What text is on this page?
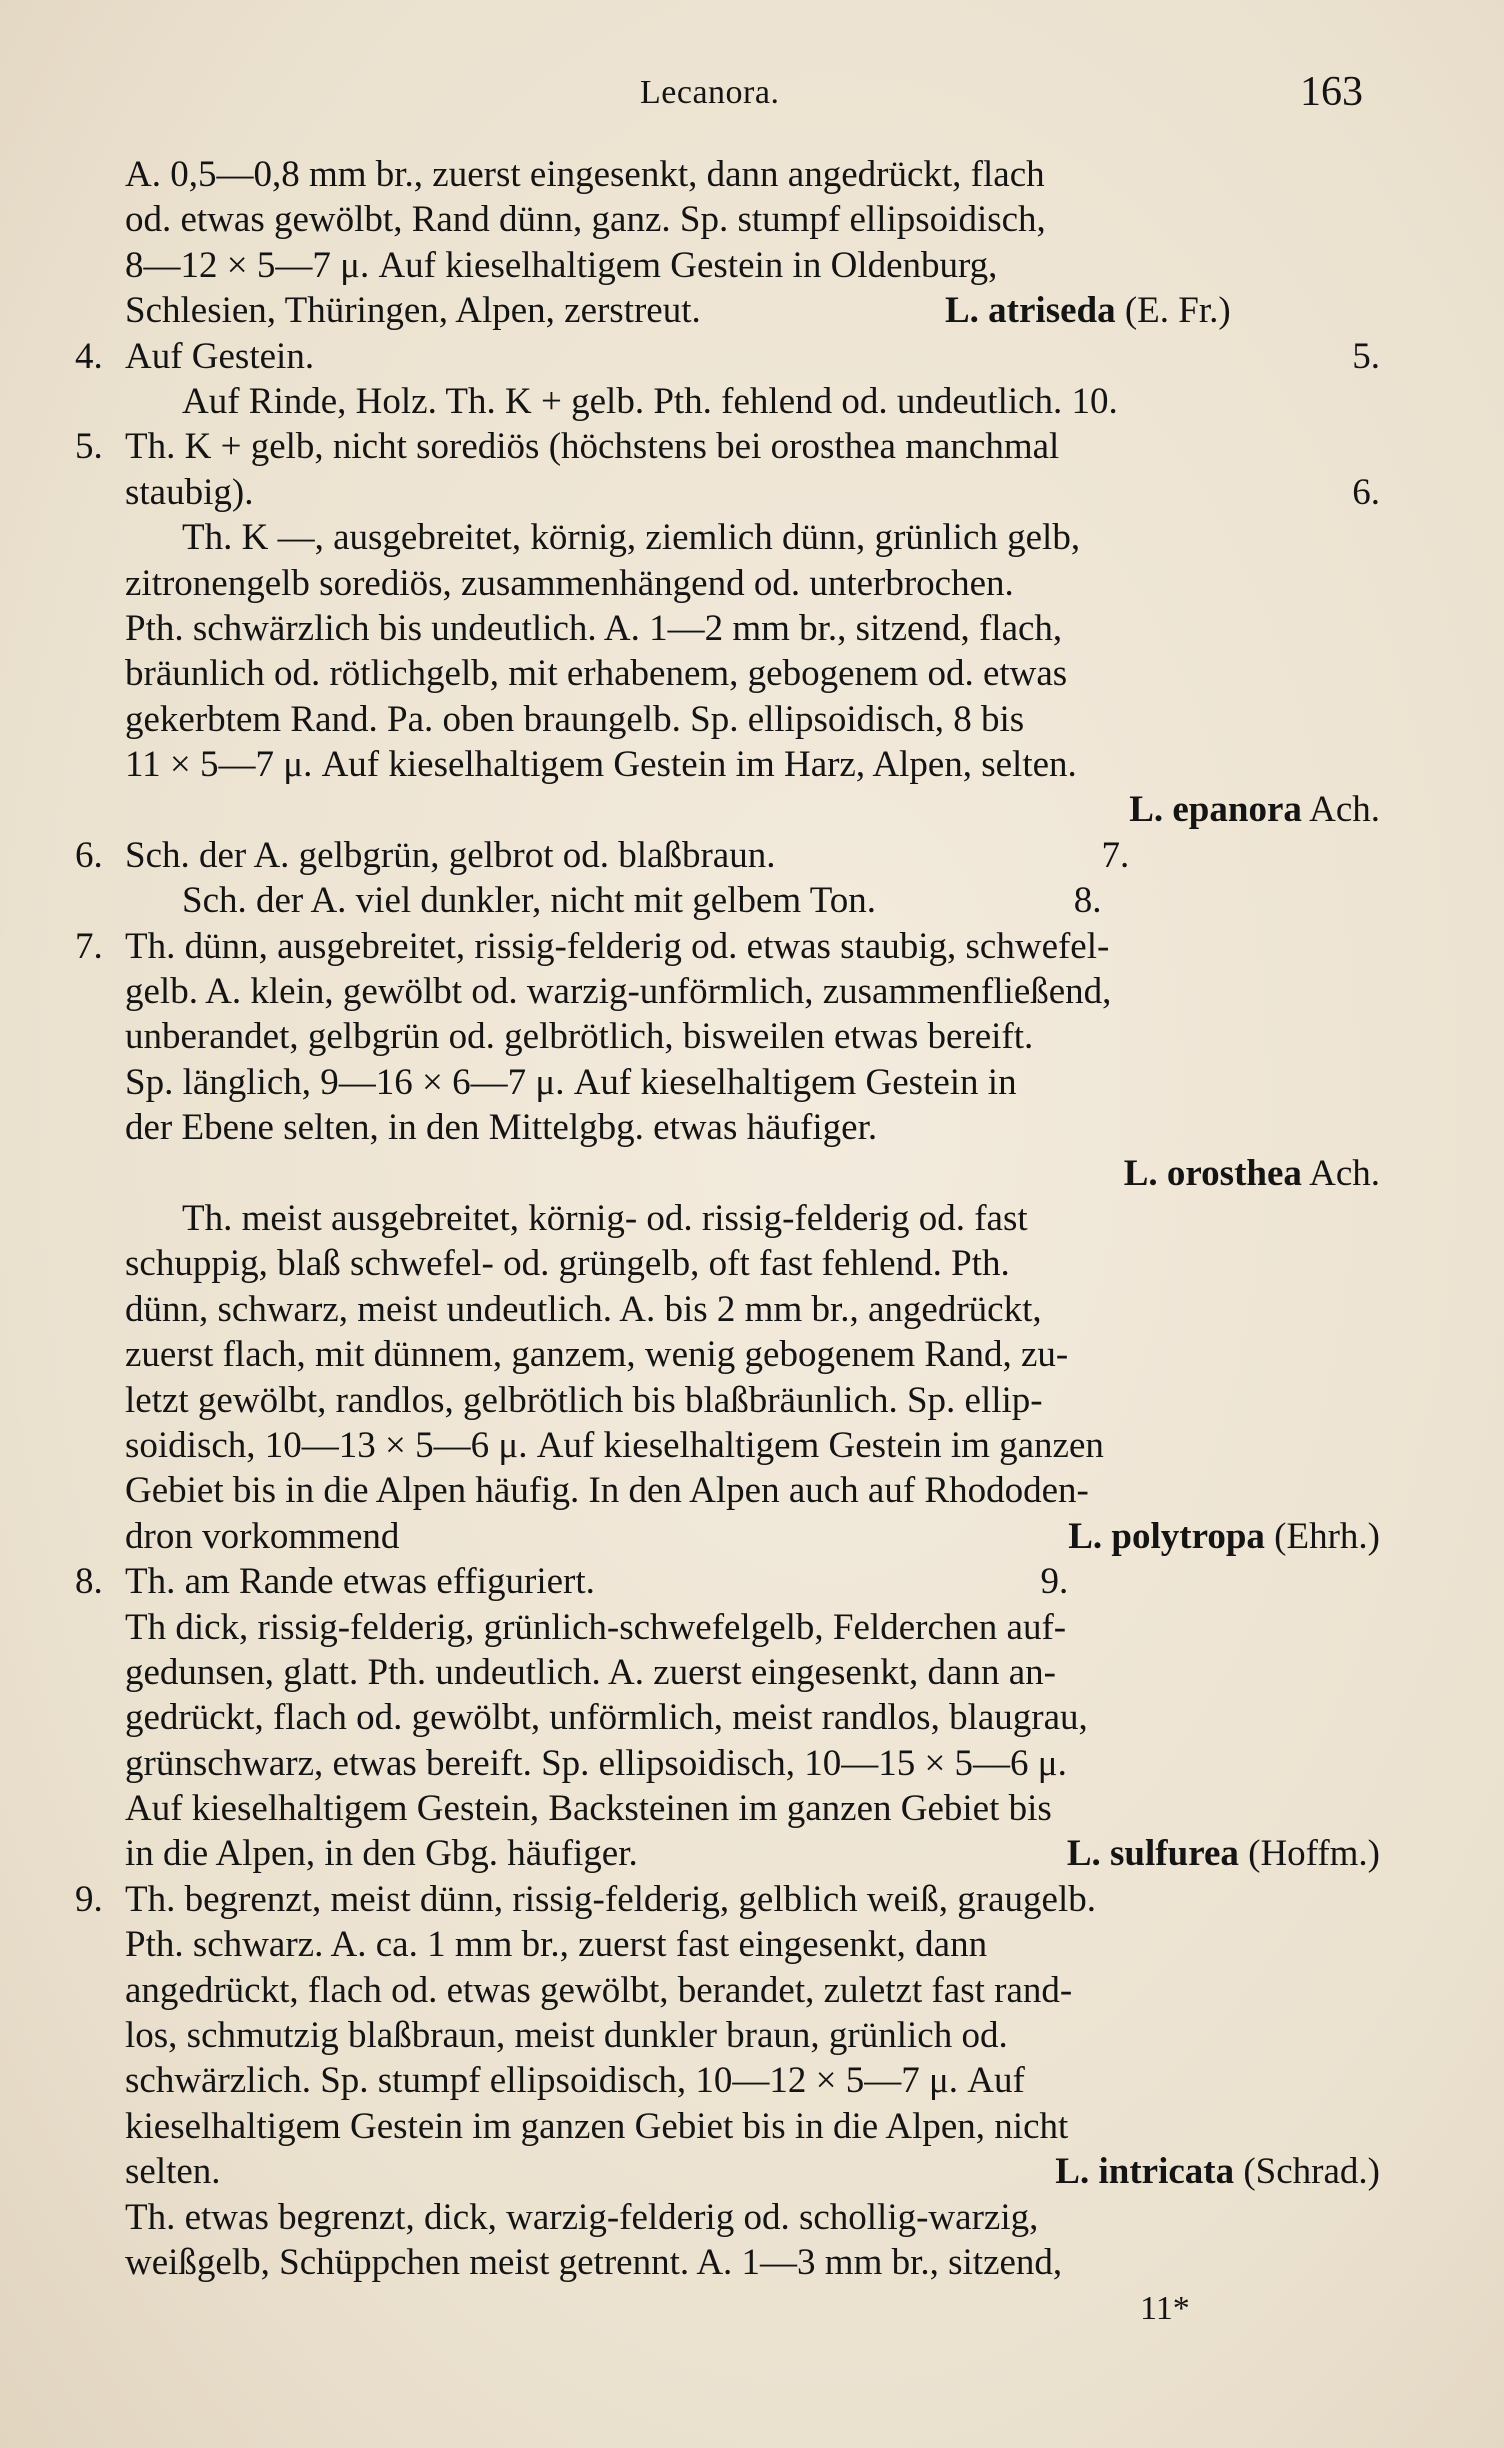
Lecanora.	163
A. 0,5—0,8 mm br., zuerst eingesenkt, dann angedrückt, flach
od. etwas gewölbt, Rand dünn, ganz. Sp. stumpf ellipsoidisch,
8—12 × 5—7 μ. Auf kieselhaltigem Gestein in Oldenburg,
Schlesien, Thüringen, Alpen, zerstreut.	L. atriseda (E. Fr.)
4. Auf Gestein.	5.
Auf Rinde, Holz. Th. K + gelb. Pth. fehlend od. undeutlich. 10.
5. Th. K + gelb, nicht sorediös (höchstens bei orosthea manchmal
staubig).	6.
Th. K —, ausgebreitet, körnig, ziemlich dünn, grünlich gelb,
zitronengelb sorediös, zusammenhängend od. unterbrochen.
Pth. schwärzlich bis undeutlich. A. 1—2 mm br., sitzend, flach,
bräunlich od. rötlichgelb, mit erhabenem, gebogenem od. etwas
gekerbtem Rand. Pa. oben braungelb. Sp. ellipsoidisch, 8 bis
11 × 5—7 μ. Auf kieselhaltigem Gestein im Harz, Alpen, selten.
L. epanora Ach.
6. Sch. der A. gelbgrün, gelbrot od. blaßbraun.	7.
Sch. der A. viel dunkler, nicht mit gelbem Ton.	8.
7. Th. dünn, ausgebreitet, rissig-felderig od. etwas staubig, schwefel-
gelb. A. klein, gewölbt od. warzig-unförmlich, zusammenfließend,
unberandet, gelbgrün od. gelbrötlich, bisweilen etwas bereift.
Sp. länglich, 9—16 × 6—7 μ. Auf kieselhaltigem Gestein in
der Ebene selten, in den Mittelgbg. etwas häufiger.
L. orosthea Ach.
Th. meist ausgebreitet, körnig- od. rissig-felderig od. fast
schuppig, blaß schwefel- od. grüngelb, oft fast fehlend. Pth.
dünn, schwarz, meist undeutlich. A. bis 2 mm br., angedrückt,
zuerst flach, mit dünnem, ganzem, wenig gebogenem Rand, zu-
letzt gewölbt, randlos, gelbrötlich bis blaßbräunlich. Sp. ellip-
soidisch, 10—13 × 5—6 μ. Auf kieselhaltigem Gestein im ganzen
Gebiet bis in die Alpen häufig. In den Alpen auch auf Rhododen-
dron vorkommend	L. polytropa (Ehrh.)
8. Th. am Rande etwas effiguriert.	9.
Th dick, rissig-felderig, grünlich-schwefelgelb, Felderchen auf-
gedunsen, glatt. Pth. undeutlich. A. zuerst eingesenkt, dann an-
gedrückt, flach od. gewölbt, unförmlich, meist randlos, blaugrau,
grünschwarz, etwas bereift. Sp. ellipsoidisch, 10—15 × 5—6 μ.
Auf kieselhaltigem Gestein, Backsteinen im ganzen Gebiet bis
in die Alpen, in den Gbg. häufiger.	L. sulfurea (Hoffm.)
9. Th. begrenzt, meist dünn, rissig-felderig, gelblich weiß, graugelb.
Pth. schwarz. A. ca. 1 mm br., zuerst fast eingesenkt, dann
angedrückt, flach od. etwas gewölbt, berandet, zuletzt fast rand-
los, schmutzig blaßbraun, meist dunkler braun, grünlich od.
schwärzlich. Sp. stumpf ellipsoidisch, 10—12 × 5—7 μ. Auf
kieselhaltigem Gestein im ganzen Gebiet bis in die Alpen, nicht
selten.	L. intricata (Schrad.)
Th. etwas begrenzt, dick, warzig-felderig od. schollig-warzig,
weißgelb, Schüppchen meist getrennt. A. 1—3 mm br., sitzend,
11*
